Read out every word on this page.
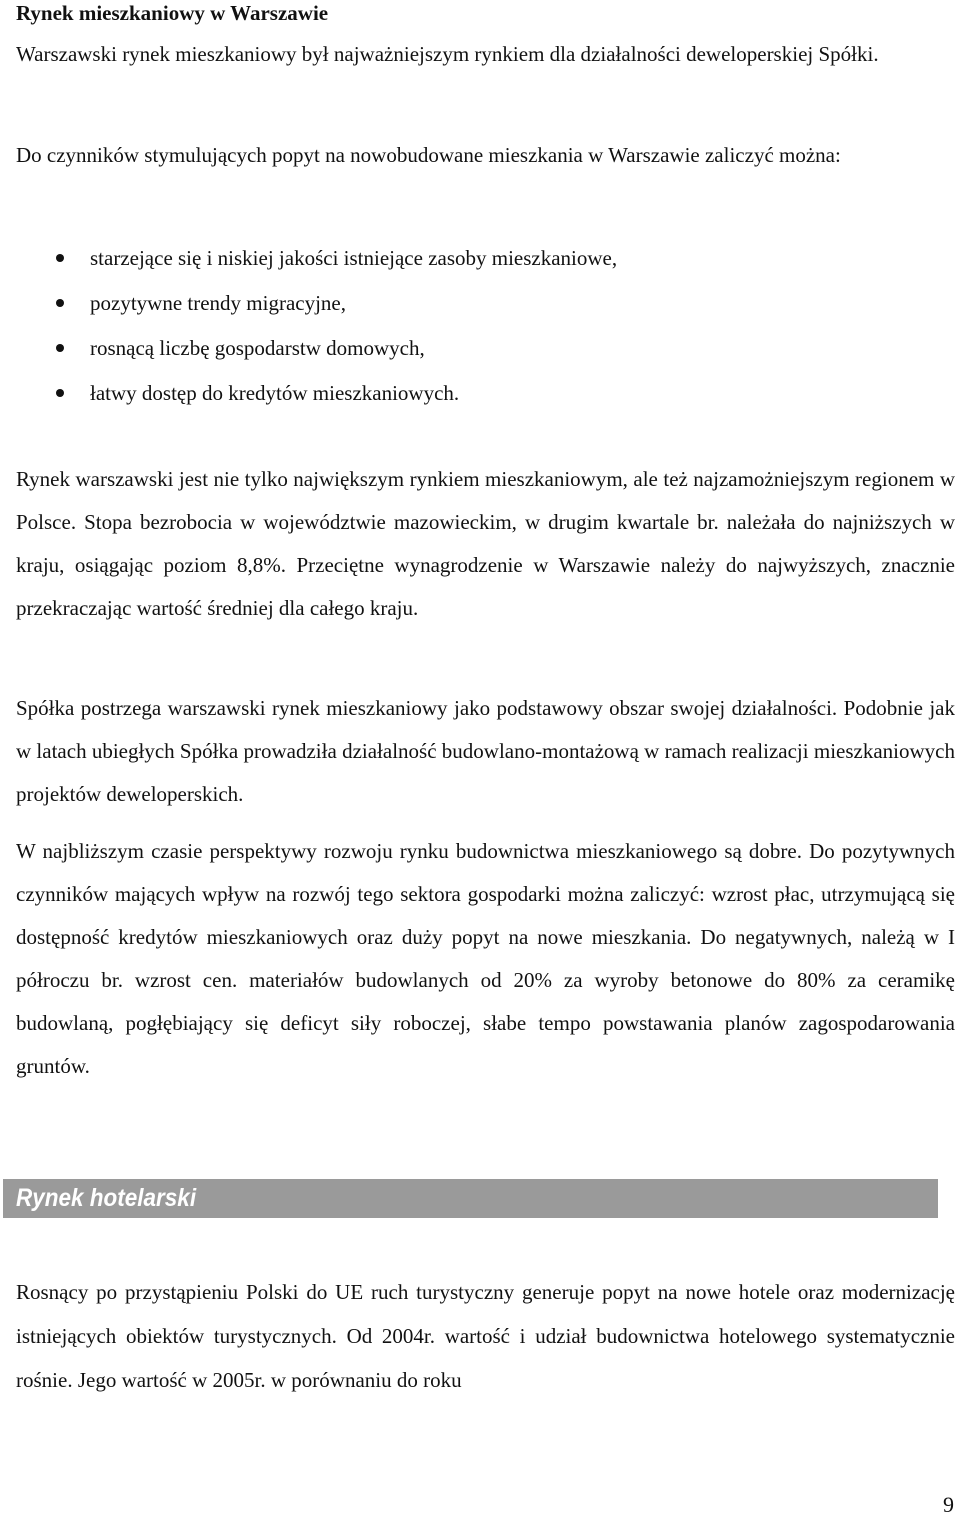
Rynek mieszkaniowy w Warszawie

Warszawski rynek mieszkaniowy był najważniejszym rynkiem dla działalności deweloperskiej Spółki.

Do czynników stymulujących popyt na nowobudowane mieszkania w Warszawie zaliczyć można:

starzejące się i niskiej jakości istniejące zasoby mieszkaniowe,
pozytywne trendy migracyjne,
rosnącą liczbę gospodarstw domowych,
łatwy dostęp do kredytów mieszkaniowych.

Rynek warszawski jest nie tylko największym rynkiem mieszkaniowym, ale też najzamożniejszym regionem w Polsce. Stopa bezrobocia w województwie mazowieckim, w drugim kwartale br. należała do najniższych w kraju, osiągając poziom 8,8%. Przeciętne wynagrodzenie w Warszawie należy do najwyższych, znacznie przekraczając wartość średniej dla całego kraju.

Spółka postrzega warszawski rynek mieszkaniowy jako podstawowy obszar swojej działalności. Podobnie jak w latach ubiegłych Spółka prowadziła działalność budowlano-montażową w ramach realizacji mieszkaniowych projektów deweloperskich.

W najbliższym czasie perspektywy rozwoju rynku budownictwa mieszkaniowego są dobre. Do pozytywnych czynników mających wpływ na rozwój tego sektora gospodarki można zaliczyć: wzrost płac, utrzymującą się dostępność kredytów mieszkaniowych oraz duży popyt na nowe mieszkania. Do negatywnych, należą w I półroczu br. wzrost cen. materiałów budowlanych od 20% za wyroby betonowe do 80% za ceramikę budowlaną, pogłębiający się deficyt siły roboczej, słabe tempo powstawania planów zagospodarowania gruntów.

Rynek hotelarski

Rosnący po przystąpieniu Polski do UE ruch turystyczny generuje popyt na nowe hotele oraz modernizację istniejących obiektów turystycznych. Od 2004r. wartość i udział budownictwa hotelowego systematycznie rośnie. Jego wartość w 2005r. w porównaniu do roku

9
